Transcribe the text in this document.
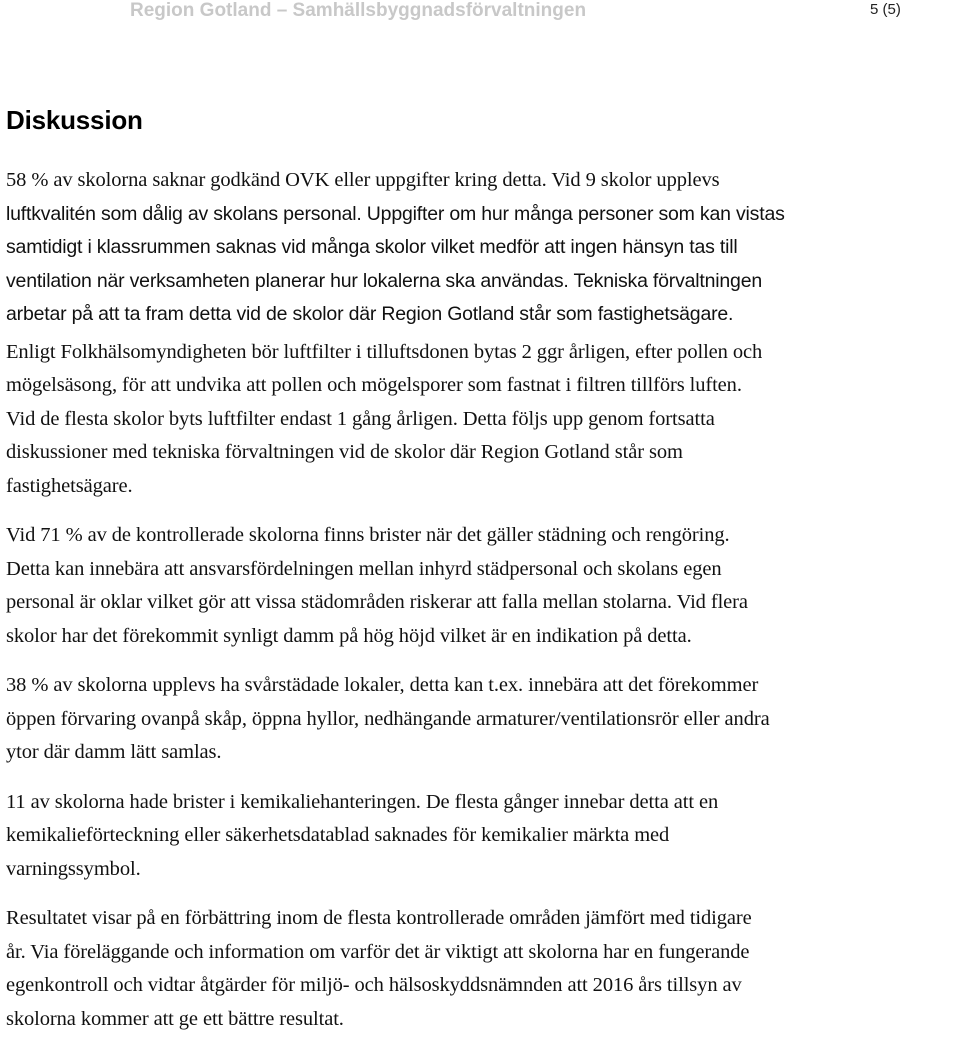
Region Gotland – Samhällsbyggnadsförvaltningen	5 (5)
Diskussion

58 % av skolorna saknar godkänd OVK eller uppgifter kring detta. Vid 9 skolor upplevs
luftkvalitén som dålig av skolans personal. Uppgifter om hur många personer som kan vistas
samtidigt i klassrummen saknas vid många skolor vilket medför att ingen hänsyn tas till
ventilation när verksamheten planerar hur lokalerna ska användas. Tekniska förvaltningen
arbetar på att ta fram detta vid de skolor där Region Gotland står som fastighetsägare.

Enligt Folkhälsomyndigheten bör luftfilter i tilluftsdonen bytas 2 ggr årligen, efter pollen och
mögelsäsong, för att undvika att pollen och mögelsporer som fastnat i filtren tillförs luften.
Vid de flesta skolor byts luftfilter endast 1 gång årligen. Detta följs upp genom fortsatta
diskussioner med tekniska förvaltningen vid de skolor där Region Gotland står som
fastighetsägare.

Vid 71 % av de kontrollerade skolorna finns brister när det gäller städning och rengöring.
Detta kan innebära att ansvarsfördelningen mellan inhyrd städpersonal och skolans egen
personal är oklar vilket gör att vissa städområden riskerar att falla mellan stolarna. Vid flera
skolor har det förekommit synligt damm på hög höjd vilket är en indikation på detta.

38 % av skolorna upplevs ha svårstädade lokaler, detta kan t.ex. innebära att det förekommer
öppen förvaring ovanpå skåp, öppna hyllor, nedhängande armaturer/ventilationsrör eller andra
ytor där damm lätt samlas.

11 av skolorna hade brister i kemikaliehanteringen. De flesta gånger innebar detta att en
kemikalieförteckning eller säkerhetsdatablad saknades för kemikalier märkta med
varningssymbol.

Resultatet visar på en förbättring inom de flesta kontrollerade områden jämfört med tidigare
år. Via föreläggande och information om varför det är viktigt att skolorna har en fungerande
egenkontroll och vidtar åtgärder för miljö- och hälsoskyddsnämnden att 2016 års tillsyn av
skolorna kommer att ge ett bättre resultat.
